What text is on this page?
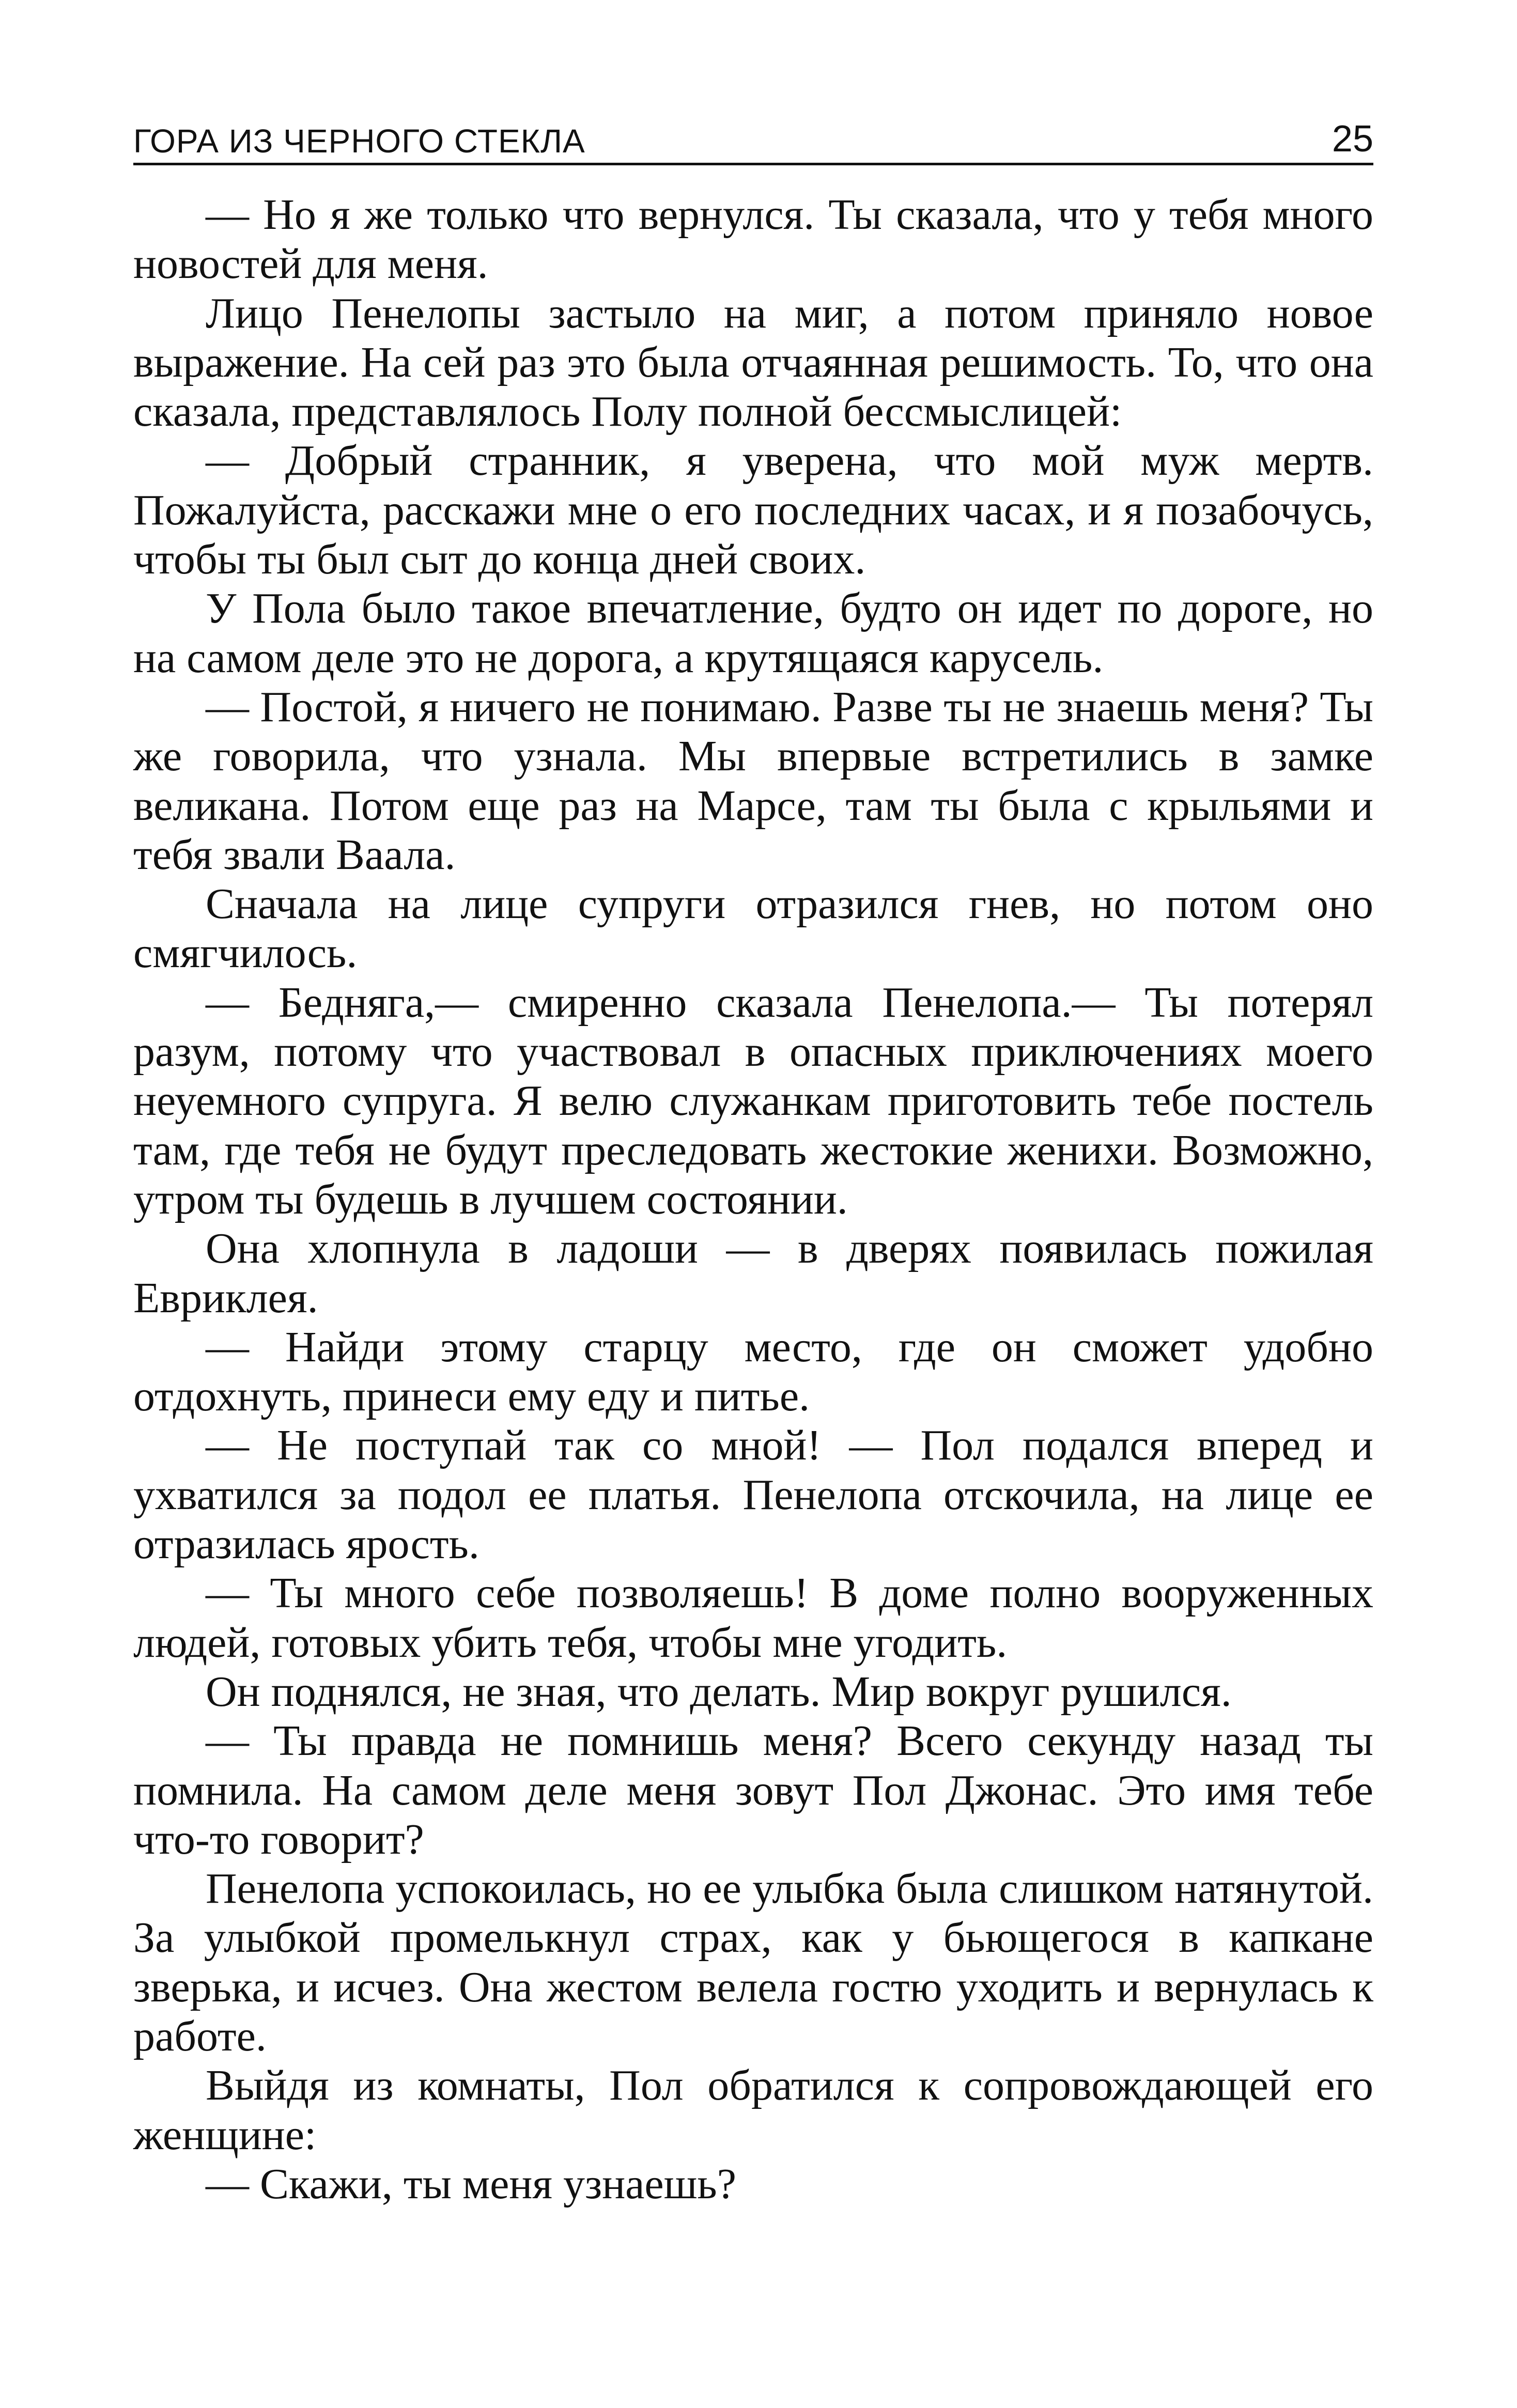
ГОРА ИЗ ЧЕРНОГО СТЕКЛА	25

— Но я же только что вернулся. Ты сказала, что у тебя много новостей для меня.

Лицо Пенелопы застыло на миг, а потом приняло новое выражение. На сей раз это была отчаянная решимость. То, что она сказала, представлялось Полу полной бессмыслицей:

— Добрый странник, я уверена, что мой муж мертв. Пожалуйста, расскажи мне о его последних часах, и я позабочусь, чтобы ты был сыт до конца дней своих.

У Пола было такое впечатление, будто он идет по дороге, но на самом деле это не дорога, а крутящаяся карусель.

— Постой, я ничего не понимаю. Разве ты не знаешь меня? Ты же говорила, что узнала. Мы впервые встретились в замке великана. Потом еще раз на Марсе, там ты была с крыльями и тебя звали Ваала.

Сначала на лице супруги отразился гнев, но потом оно смягчилось.

— Бедняга,— смиренно сказала Пенелопа.— Ты потерял разум, потому что участвовал в опасных приключениях моего неуемного супруга. Я велю служанкам приготовить тебе постель там, где тебя не будут преследовать жестокие женихи. Возможно, утром ты будешь в лучшем состоянии.

Она хлопнула в ладоши — в дверях появилась пожилая Евриклея.

— Найди этому старцу место, где он сможет удобно отдохнуть, принеси ему еду и питье.

— Не поступай так со мной! — Пол подался вперед и ухватился за подол ее платья. Пенелопа отскочила, на лице ее отразилась ярость.

— Ты много себе позволяешь! В доме полно вооруженных людей, готовых убить тебя, чтобы мне угодить.

Он поднялся, не зная, что делать. Мир вокруг рушился.

— Ты правда не помнишь меня? Всего секунду назад ты помнила. На самом деле меня зовут Пол Джонас. Это имя тебе что-то говорит?

Пенелопа успокоилась, но ее улыбка была слишком натянутой. За улыбкой промелькнул страх, как у бьющегося в капкане зверька, и исчез. Она жестом велела гостю уходить и вернулась к работе.

Выйдя из комнаты, Пол обратился к сопровождающей его женщине:

— Скажи, ты меня узнаешь?
